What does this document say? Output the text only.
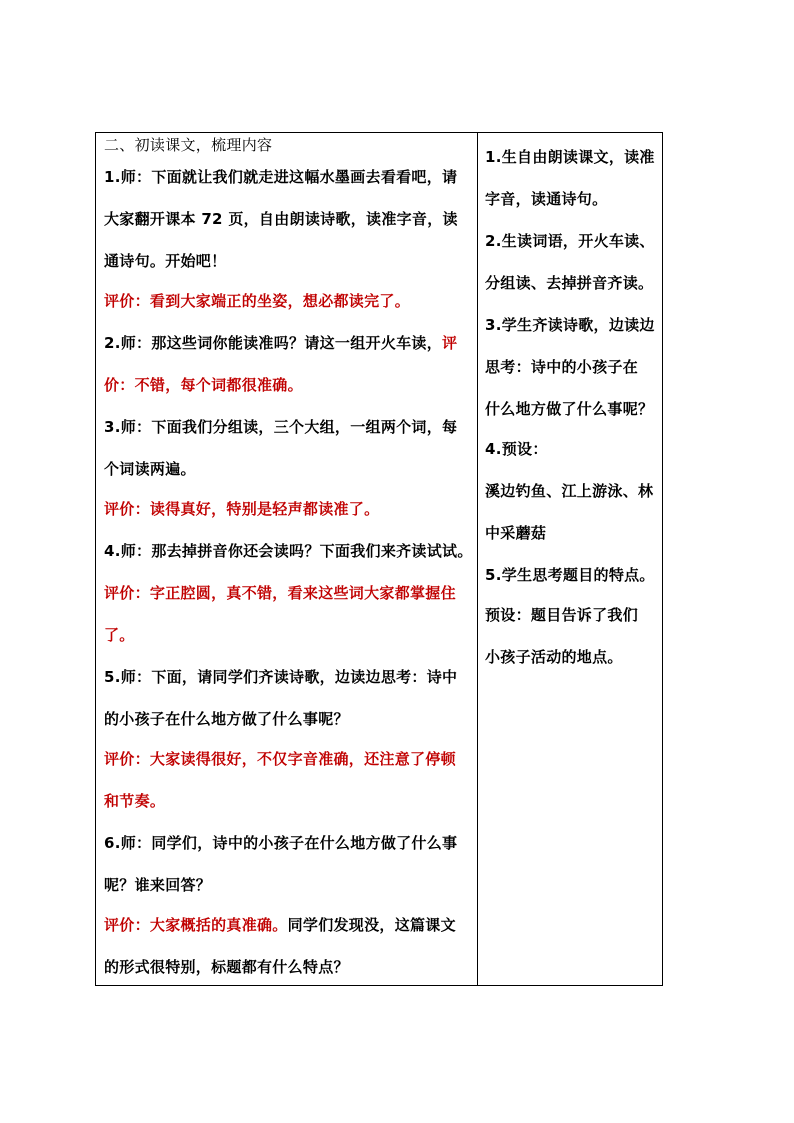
二、初读课文，梳理内容
1.师：下面就让我们就走进这幅水墨画去看看吧，请
大家翻开课本 72 页，自由朗读诗歌，读准字音，读
通诗句。开始吧！
评价：看到大家端正的坐姿，想必都读完了。
2.师：那这些词你能读准吗？请这一组开火车读，评
价：不错，每个词都很准确。
3.师：下面我们分组读，三个大组，一组两个词，每
个词读两遍。
评价：读得真好，特别是轻声都读准了。
4.师：那去掉拼音你还会读吗？下面我们来齐读试试。
评价：字正腔圆，真不错，看来这些词大家都掌握住
了。
5.师：下面，请同学们齐读诗歌，边读边思考：诗中
的小孩子在什么地方做了什么事呢？
评价：大家读得很好，不仅字音准确，还注意了停顿
和节奏。
6.师：同学们，诗中的小孩子在什么地方做了什么事
呢？谁来回答？
评价：大家概括的真准确。同学们发现没，这篇课文
的形式很特别，标题都有什么特点？
1.生自由朗读课文，读准
字音，读通诗句。
2.生读词语，开火车读、
分组读、去掉拼音齐读。
3.学生齐读诗歌，边读边
思考：诗中的小孩子在
什么地方做了什么事呢？
4.预设：
溪边钓鱼、江上游泳、林
中采蘑菇
5.学生思考题目的特点。
预设：题目告诉了我们
小孩子活动的地点。
